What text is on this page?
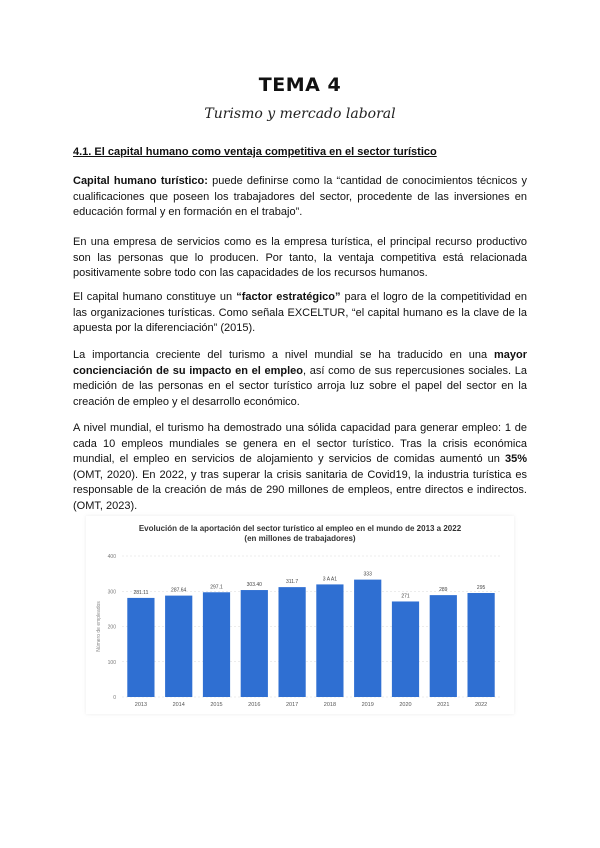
TEMA 4
Turismo y mercado laboral
4.1. El capital humano como ventaja competitiva en el sector turístico

Capital humano turístico: puede definirse como la “cantidad de conocimientos técnicos y cualificaciones que poseen los trabajadores del sector, procedente de las inversiones en educación formal y en formación en el trabajo”.

En una empresa de servicios como es la empresa turística, el principal recurso productivo son las personas que lo producen. Por tanto, la ventaja competitiva está relacionada positivamente sobre todo con las capacidades de los recursos humanos.

El capital humano constituye un “factor estratégico” para el logro de la competitividad en las organizaciones turísticas. Como señala EXCELTUR, “el capital humano es la clave de la apuesta por la diferenciación” (2015).

La importancia creciente del turismo a nivel mundial se ha traducido en una mayor concienciación de su impacto en el empleo, así como de sus repercusiones sociales. La medición de las personas en el sector turístico arroja luz sobre el papel del sector en la creación de empleo y el desarrollo económico.

A nivel mundial, el turismo ha demostrado una sólida capacidad para generar empleo: 1 de cada 10 empleos mundiales se genera en el sector turístico. Tras la crisis económica mundial, el empleo en servicios de alojamiento y servicios de comidas aumentó un 35% (OMT, 2020). En 2022, y tras superar la crisis sanitaria de Covid19, la industria turística es responsable de la creación de más de 290 millones de empleos, entre directos e indirectos. (OMT, 2023).

Evolución de la aportación del sector turístico al empleo en el mundo de 2013 a 2022
(en millones de trabajadores)
0
100
200
300
400
Número de empleados
281.11
2013
287.64
2014
297.1
2015
303.40
2016
311.7
2017
3 A A1
2018
333
2019
271
2020
289
2021
295
2022
